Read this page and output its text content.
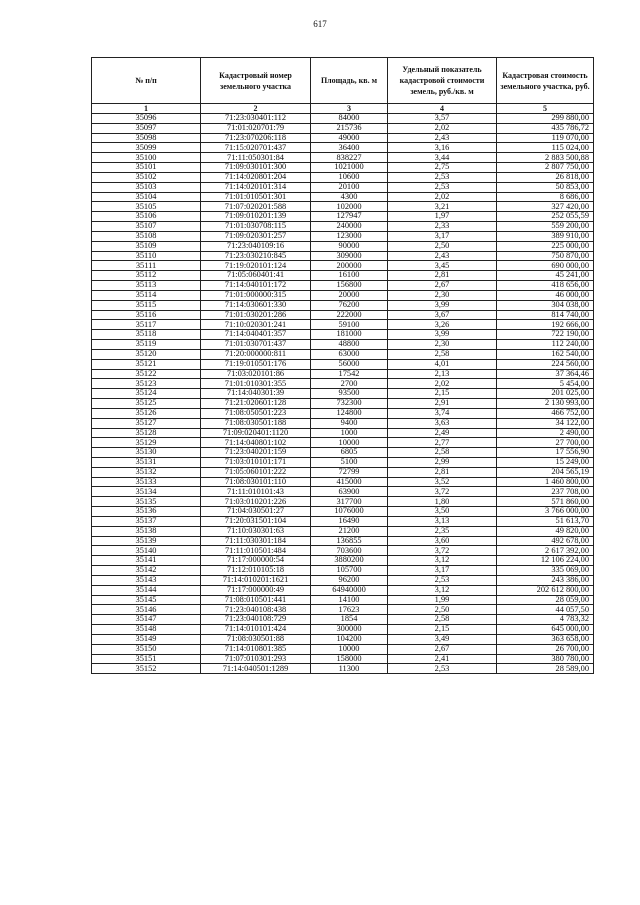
617
№ п/п	Кадастровый номер земельного участка	Площадь, кв. м	Удельный показатель кадастровой стоимости земель, руб./кв. м	Кадастровая стоимость земельного участка, руб.
1	2	3	4	5
35096	71:23:030401:112	84000	3,57	299 880,00
35097	71:01:020701:79	215736	2,02	435 786,72
35098	71:23:070206:118	49000	2,43	119 070,00
35099	71:15:020701:437	36400	3,16	115 024,00
35100	71:11:050301:84	838227	3,44	2 883 500,88
35101	71:09:030101:300	1021000	2,75	2 807 750,00
35102	71:14:020801:204	10600	2,53	26 818,00
35103	71:14:020101:314	20100	2,53	50 853,00
35104	71:01:010501:301	4300	2,02	8 686,00
35105	71:07:020201:588	102000	3,21	327 420,00
35106	71:09:010201:139	127947	1,97	252 055,59
35107	71:01:030708:115	240000	2,33	559 200,00
35108	71:09:020301:257	123000	3,17	389 910,00
35109	71:23:040109:16	90000	2,50	225 000,00
35110	71:23:030210:845	309000	2,43	750 870,00
35111	71:19:020101:124	200000	3,45	690 000,00
35112	71:05:060401:41	16100	2,81	45 241,00
35113	71:14:040101:172	156800	2,67	418 656,00
35114	71:01:000000:315	20000	2,30	46 000,00
35115	71:14:030601:330	76200	3,99	304 038,00
35116	71:01:030201:286	222000	3,67	814 740,00
35117	71:10:020301:241	59100	3,26	192 666,00
35118	71:14:040401:357	181000	3,99	722 190,00
35119	71:01:030701:437	48800	2,30	112 240,00
35120	71:20:000000:811	63000	2,58	162 540,00
35121	71:19:010501:176	56000	4,01	224 560,00
35122	71:03:020101:86	17542	2,13	37 364,46
35123	71:01:010301:355	2700	2,02	5 454,00
35124	71:14:040301:39	93500	2,15	201 025,00
35125	71:21:020601:128	732300	2,91	2 130 993,00
35126	71:08:050501:223	124800	3,74	466 752,00
35127	71:08:030501:188	9400	3,63	34 122,00
35128	71:09:020401:1120	1000	2,49	2 490,00
35129	71:14:040801:102	10000	2,77	27 700,00
35130	71:23:040201:159	6805	2,58	17 556,90
35131	71:03:010101:171	5100	2,99	15 249,00
35132	71:05:060101:222	72799	2,81	204 565,19
35133	71:08:030101:110	415000	3,52	1 460 800,00
35134	71:11:010101:43	63900	3,72	237 708,00
35135	71:03:010201:226	317700	1,80	571 860,00
35136	71:04:030501:27	1076000	3,50	3 766 000,00
35137	71:20:031501:104	16490	3,13	51 613,70
35138	71:10:030301:63	21200	2,35	49 820,00
35139	71:11:030301:184	136855	3,60	492 678,00
35140	71:11:010501:484	703600	3,72	2 617 392,00
35141	71:17:000000:54	3880200	3,12	12 106 224,00
35142	71:12:010105:18	105700	3,17	335 069,00
35143	71:14:010201:1621	96200	2,53	243 386,00
35144	71:17:000000:49	64940000	3,12	202 612 800,00
35145	71:08:010501:441	14100	1,99	28 059,00
35146	71:23:040108:438	17623	2,50	44 057,50
35147	71:23:040108:729	1854	2,58	4 783,32
35148	71:14:010101:424	300000	2,15	645 000,00
35149	71:08:030501:88	104200	3,49	363 658,00
35150	71:14:010801:385	10000	2,67	26 700,00
35151	71:07:010301:293	158000	2,41	380 780,00
35152	71:14:040501:1289	11300	2,53	28 589,00
